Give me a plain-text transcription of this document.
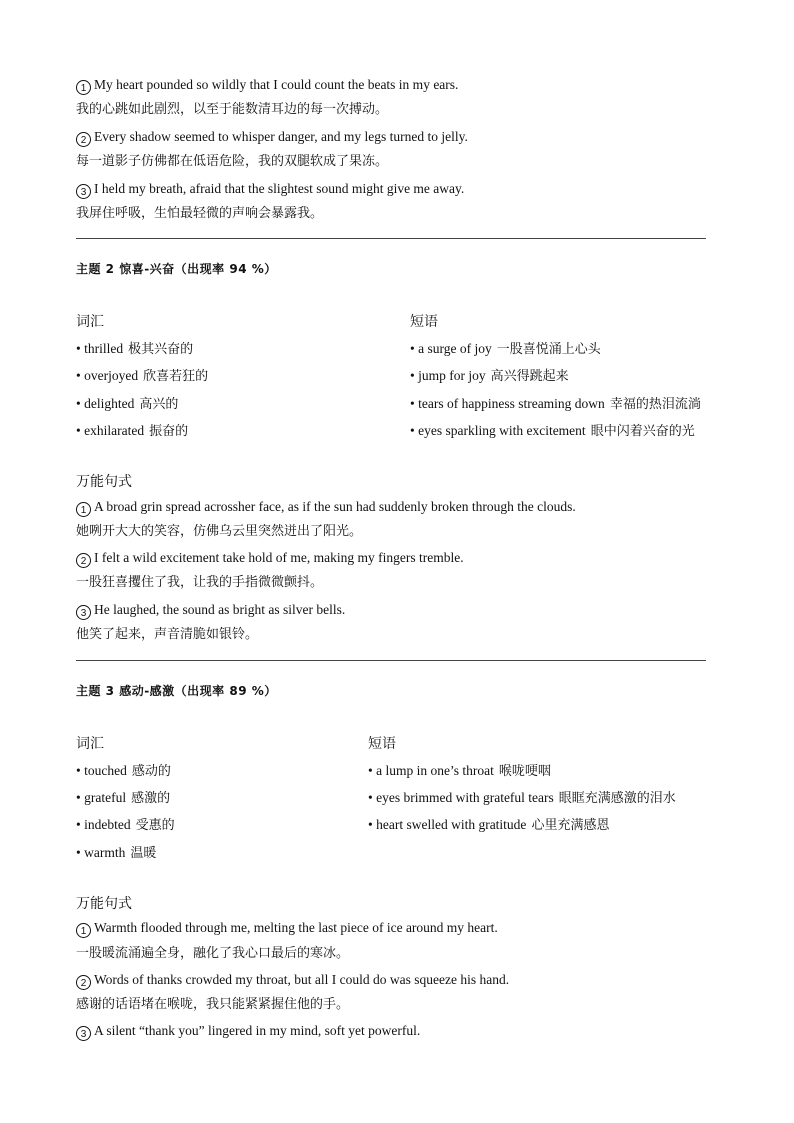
1 My heart pounded so wildly that I could count the beats in my ears.
我的心跳如此剧烈，以至于能数清耳边的每一次搏动。
2 Every shadow seemed to whisper danger, and my legs turned to jelly.
每一道影子仿佛都在低语危险，我的双腿软成了果冻。
3 I held my breath, afraid that the slightest sound might give me away.
我屏住呼吸，生怕最轻微的声响会暴露我。
主题 2 惊喜-兴奋（出现率 94 %）
词汇	短语
• thrilled 极其兴奋的
• overjoyed 欣喜若狂的
• delighted 高兴的
• exhilarated 振奋的
• a surge of joy 一股喜悦涌上心头
• jump for joy 高兴得跳起来
• tears of happiness streaming down 幸福的热泪流淌
• eyes sparkling with excitement 眼中闪着兴奋的光
万能句式
1 A broad grin spread acrossher face, as if the sun had suddenly broken through the clouds.
她咧开大大的笑容，仿佛乌云里突然迸出了阳光。
2 I felt a wild excitement take hold of me, making my fingers tremble.
一股狂喜攫住了我，让我的手指微微颤抖。
3 He laughed, the sound as bright as silver bells.
他笑了起来，声音清脆如银铃。
主题 3 感动-感激（出现率 89 %）
词汇	短语
• touched 感动的
• grateful 感激的
• indebted 受惠的
• warmth 温暖
• a lump in one’s throat 喉咙哽咽
• eyes brimmed with grateful tears 眼眶充满感激的泪水
• heart swelled with gratitude 心里充满感恩
万能句式
1 Warmth flooded through me, melting the last piece of ice around my heart.
一股暖流涌遍全身，融化了我心口最后的寒冰。
2 Words of thanks crowded my throat, but all I could do was squeeze his hand.
感谢的话语堵在喉咙，我只能紧紧握住他的手。
3 A silent “thank you” lingered in my mind, soft yet powerful.
